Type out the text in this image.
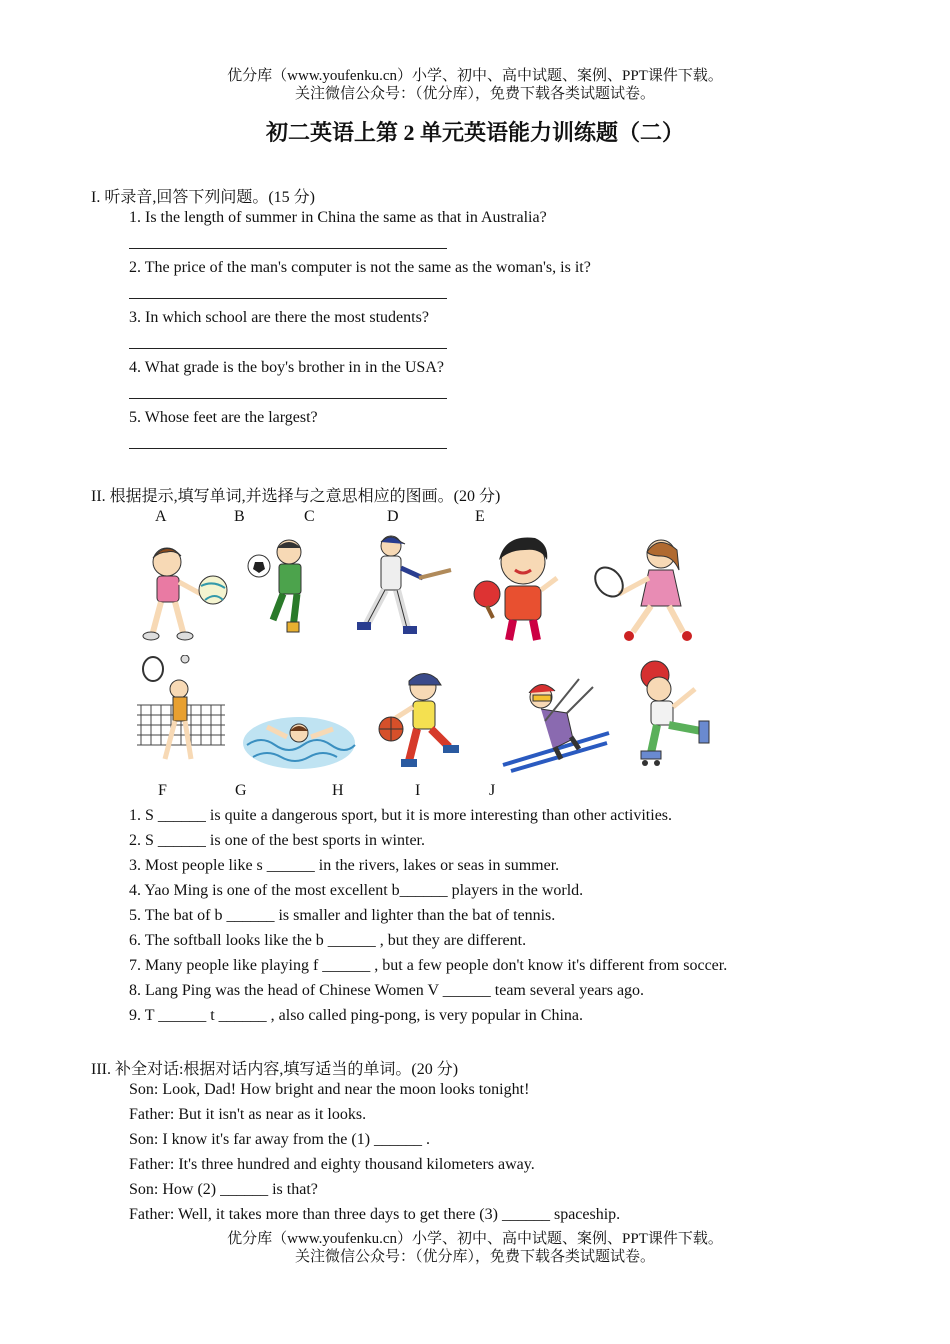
优分库（www.youfenku.cn）小学、初中、高中试题、案例、PPT课件下载。
关注微信公众号：（优分库），免费下载各类试题试卷。
初二英语上第 2 单元英语能力训练题（二）
I. 听录音,回答下列问题。(15 分)
1. Is the length of summer in China the same as that in Australia?
2. The price of the man's computer is not the same as the woman's, is it?
3. In which school are there the most students?
4. What grade is the boy's brother in in the USA?
5. Whose feet are the largest?
II. 根据提示,填写单词,并选择与之意思相应的图画。(20 分)
A	B	C	D	E
F	G	H	I	J
1. S ______ is quite a dangerous sport, but it is more interesting than other activities.
2. S ______ is one of the best sports in winter.
3. Most people like s ______ in the rivers, lakes or seas in summer.
4. Yao Ming is one of the most excellent b______ players in the world.
5. The bat of b ______ is smaller and lighter than the bat of tennis.
6. The softball looks like the b ______ , but they are different.
7. Many people like playing f ______ , but a few people don't know it's different from soccer.
8. Lang Ping was the head of Chinese Women V ______ team several years ago.
9. T ______ t ______ , also called ping-pong, is very popular in China.
III. 补全对话:根据对话内容,填写适当的单词。(20 分)
Son: Look, Dad! How bright and near the moon looks tonight!
Father: But it isn't as near as it looks.
Son: I know it's far away from the (1) ______ .
Father: It's three hundred and eighty thousand kilometers away.
Son: How (2) ______ is that?
Father: Well, it takes more than three days to get there (3) ______ spaceship.
优分库（www.youfenku.cn）小学、初中、高中试题、案例、PPT课件下载。
关注微信公众号：（优分库），免费下载各类试题试卷。
